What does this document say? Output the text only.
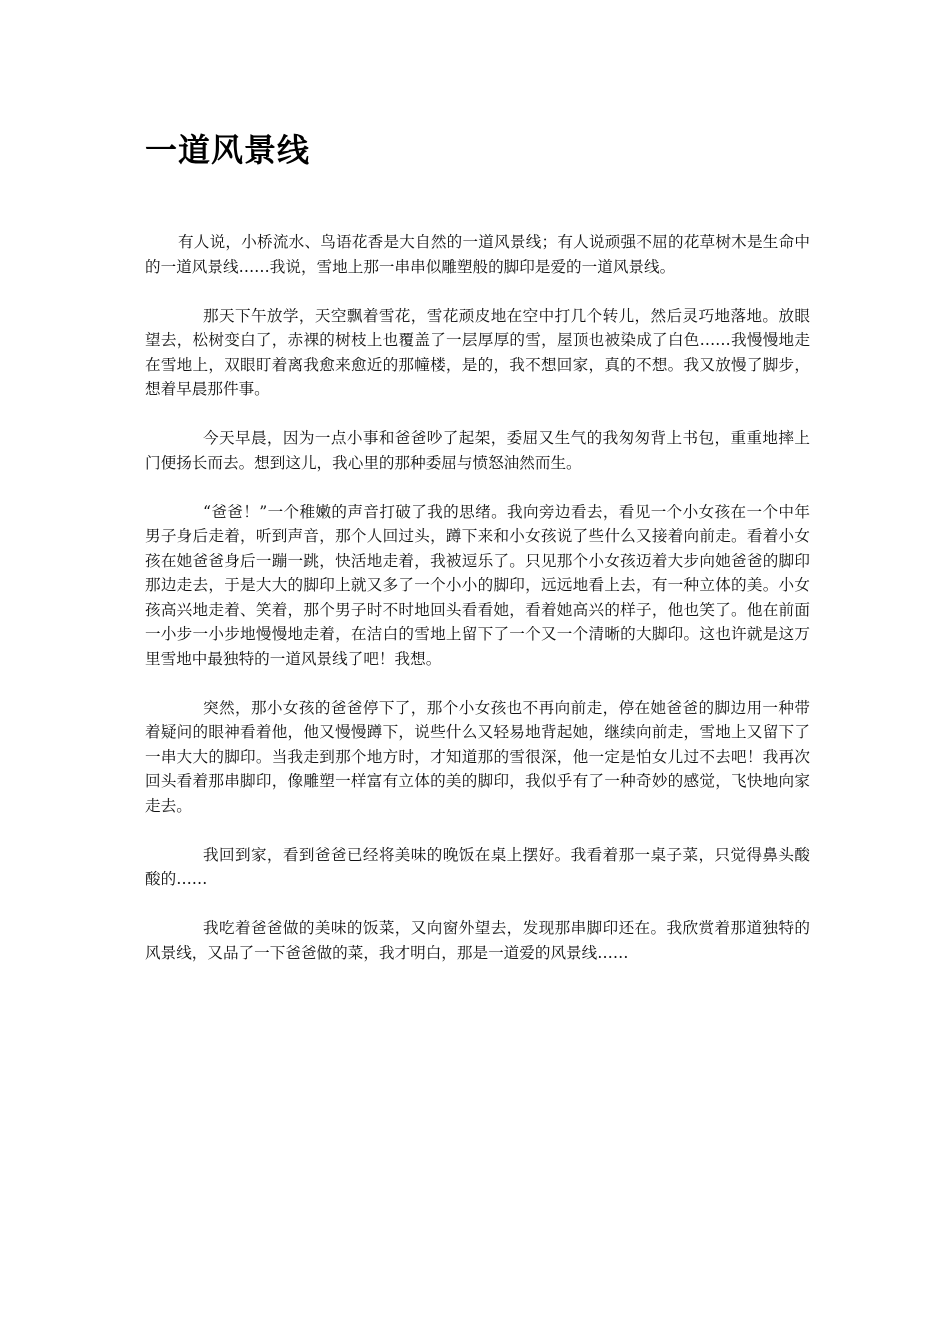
一道风景线

有人说，小桥流水、鸟语花香是大自然的一道风景线；有人说顽强不屈的花草树木是生命中的一道风景线……我说，雪地上那一串串似雕塑般的脚印是爱的一道风景线。

那天下午放学，天空飘着雪花，雪花顽皮地在空中打几个转儿，然后灵巧地落地。放眼望去，松树变白了，赤裸的树枝上也覆盖了一层厚厚的雪，屋顶也被染成了白色……我慢慢地走在雪地上，双眼盯着离我愈来愈近的那幢楼，是的，我不想回家，真的不想。我又放慢了脚步，想着早晨那件事。

今天早晨，因为一点小事和爸爸吵了起架，委屈又生气的我匆匆背上书包，重重地摔上门便扬长而去。想到这儿，我心里的那种委屈与愤怒油然而生。

“爸爸！”一个稚嫩的声音打破了我的思绪。我向旁边看去，看见一个小女孩在一个中年男子身后走着，听到声音，那个人回过头，蹲下来和小女孩说了些什么又接着向前走。看着小女孩在她爸爸身后一蹦一跳，快活地走着，我被逗乐了。只见那个小女孩迈着大步向她爸爸的脚印那边走去，于是大大的脚印上就又多了一个小小的脚印，远远地看上去，有一种立体的美。小女孩高兴地走着、笑着，那个男子时不时地回头看看她，看着她高兴的样子，他也笑了。他在前面一小步一小步地慢慢地走着，在洁白的雪地上留下了一个又一个清晰的大脚印。这也许就是这万里雪地中最独特的一道风景线了吧！我想。

突然，那小女孩的爸爸停下了，那个小女孩也不再向前走，停在她爸爸的脚边用一种带着疑问的眼神看着他，他又慢慢蹲下，说些什么又轻易地背起她，继续向前走，雪地上又留下了一串大大的脚印。当我走到那个地方时，才知道那的雪很深，他一定是怕女儿过不去吧！我再次回头看着那串脚印，像雕塑一样富有立体的美的脚印，我似乎有了一种奇妙的感觉，飞快地向家走去。

我回到家，看到爸爸已经将美味的晚饭在桌上摆好。我看着那一桌子菜，只觉得鼻头酸酸的……

我吃着爸爸做的美味的饭菜，又向窗外望去，发现那串脚印还在。我欣赏着那道独特的风景线，又品了一下爸爸做的菜，我才明白，那是一道爱的风景线……
